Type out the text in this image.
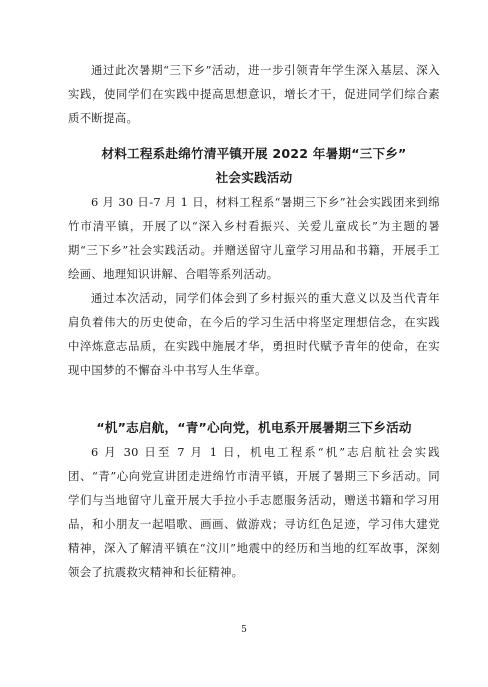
通过此次暑期“三下乡”活动，进一步引领青年学生深入基层、深入实践，使同学们在实践中提高思想意识，增长才干，促进同学们综合素质不断提高。

材料工程系赴绵竹清平镇开展 2022 年暑期“三下乡”

社会实践活动

6 月 30 日-7 月 1 日，材料工程系“暑期三下乡”社会实践团来到绵竹市清平镇，开展了以“深入乡村看振兴、关爱儿童成长”为主题的暑期“三下乡”社会实践活动。并赠送留守儿童学习用品和书籍，开展手工绘画、地理知识讲解、合唱等系列活动。

通过本次活动，同学们体会到了乡村振兴的重大意义以及当代青年肩负着伟大的历史使命，在今后的学习生活中将坚定理想信念，在实践中淬炼意志品质，在实践中施展才华，勇担时代赋予青年的使命，在实现中国梦的不懈奋斗中书写人生华章。

“机”志启航，“青”心向党，机电系开展暑期三下乡活动

6 月 30 日至 7 月 1 日，机电工程系“机”志启航社会实践团、“青”心向党宣讲团走进绵竹市清平镇，开展了暑期三下乡活动。同学们与当地留守儿童开展大手拉小手志愿服务活动，赠送书籍和学习用品，和小朋友一起唱歌、画画、做游戏；寻访红色足迹，学习伟大建党精神，深入了解清平镇在“汶川”地震中的经历和当地的红军故事，深刻领会了抗震救灾精神和长征精神。

5
